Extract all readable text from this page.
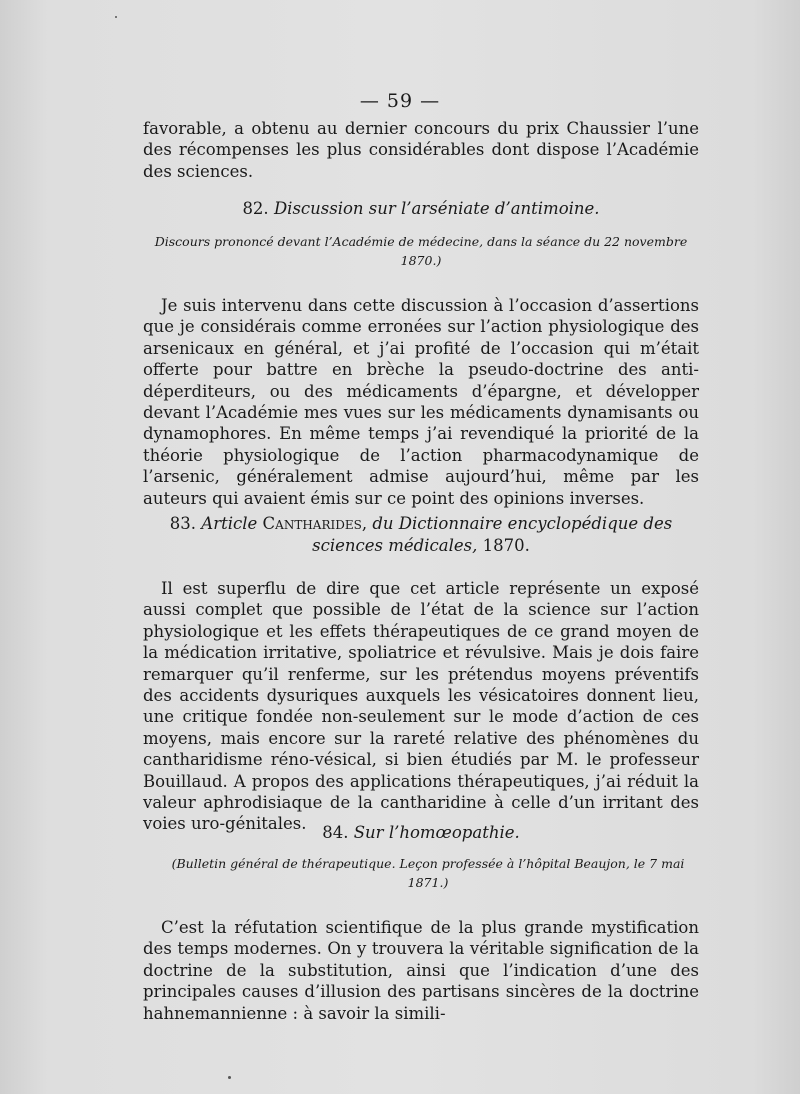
— 59 —

favorable, a obtenu au dernier concours du prix Chaussier l’une des récompenses les plus considérables dont dispose l’Académie des sciences.

82. Discussion sur l’arséniate d’antimoine.
Discours prononcé devant l’Académie de médecine, dans la séance du 22 novembre 1870.)

Je suis intervenu dans cette discussion à l’occasion d’assertions que je considérais comme erronées sur l’action physiologique des arsenicaux en général, et j’ai profité de l’occasion qui m’était offerte pour battre en brèche la pseudo-doctrine des anti-déperditeurs, ou des médicaments d’épargne, et développer devant l’Académie mes vues sur les médicaments dynamisants ou dynamophores. En même temps j’ai revendiqué la priorité de la théorie physiologique de l’action pharmacodynamique de l’arsenic, généralement admise aujourd’hui, même par les auteurs qui avaient émis sur ce point des opinions inverses.

83. Article Cantharides, du Dictionnaire encyclopédique des sciences médicales, 1870.

Il est superflu de dire que cet article représente un exposé aussi complet que possible de l’état de la science sur l’action physiologique et les effets thérapeutiques de ce grand moyen de la médication irritative, spoliatrice et révulsive. Mais je dois faire remarquer qu’il renferme, sur les prétendus moyens préventifs des accidents dysuriques auxquels les vésicatoires donnent lieu, une critique fondée non-seulement sur le mode d’action de ces moyens, mais encore sur la rareté relative des phénomènes du cantharidisme réno-vésical, si bien étudiés par M. le professeur Bouillaud. A propos des applications thérapeutiques, j’ai réduit la valeur aphrodisiaque de la cantharidine à celle d’un irritant des voies uro-génitales. 84. Sur l’homœopathie.
(Bulletin général de thérapeutique. Leçon professée à l’hôpital Beaujon, le 7 mai 1871.)

C’est la réfutation scientifique de la plus grande mystification des temps modernes. On y trouvera la véritable signification de la doctrine de la substitution, ainsi que l’indication d’une des principales causes d’illusion des partisans sincères de la doctrine hahnemannienne : à savoir la simili-
